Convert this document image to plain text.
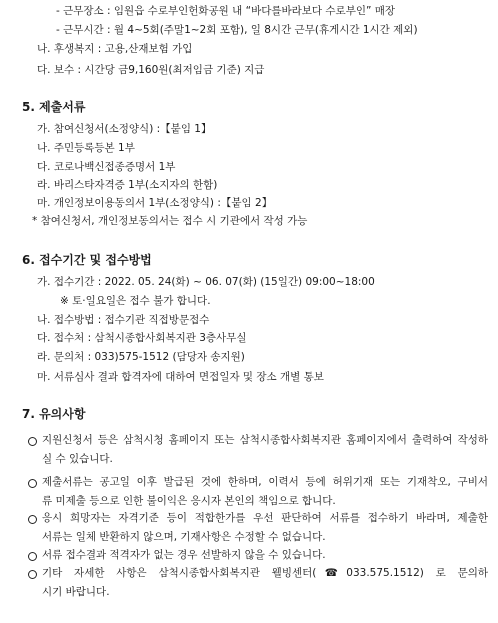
- 근무장소 : 임원읍 수로부인헌화공원 내 “바다를바라보다 수로부인” 매장
- 근무시간 : 월 4~5회(주말1~2회 포함), 일 8시간 근무(휴게시간 1시간 제외)
나. 후생복지 : 고용,산재보험 가입
다. 보수 : 시간당 금9,160원(최저임금 기준) 지급
5. 제출서류
가. 참여신청서(소정양식) :【붙임 1】
나. 주민등록등본 1부
다. 코로나백신접종증명서 1부
라. 바리스타자격증 1부(소지자의 한함)
마. 개인정보이용동의서 1부(소정양식) :【붙임 2】
* 참여신청서, 개인정보동의서는 접수 시 기관에서 작성 가능
6. 접수기간 및 접수방법
가. 접수기간 : 2022. 05. 24(화) ~ 06. 07(화) (15일간) 09:00~18:00
※ 토·일요일은 접수 불가 합니다.
나. 접수방법 : 접수기관 직접방문접수
다. 접수처 : 삼척시종합사회복지관 3층사무실
라. 문의처 : 033)575-1512 (담당자 송지원)
마. 서류심사 결과 합격자에 대하여 면접일자 및 장소 개별 통보
7. 유의사항
지원신청서 등은 삼척시청 홈페이지 또는 삼척시종합사회복지관 홈페이지에서 출력하여 작성하
실 수 있습니다.
제출서류는 공고일 이후 발급된 것에 한하며, 이력서 등에 허위기재 또는 기재착오, 구비서
류 미제출 등으로 인한 불이익은 응시자 본인의 책임으로 합니다.
응시 희망자는 자격기준 등이 적합한가를 우선 판단하여 서류를 접수하기 바라며, 제출한
서류는 일체 반환하지 않으며, 기재사항은 수정할 수 없습니다.
서류 접수결과 적격자가 없는 경우 선발하지 않을 수 있습니다.
기타 자세한 사항은 삼척시종합사회복지관 웰빙센터(☎033.575.1512) 로 문의하
시기 바랍니다.
